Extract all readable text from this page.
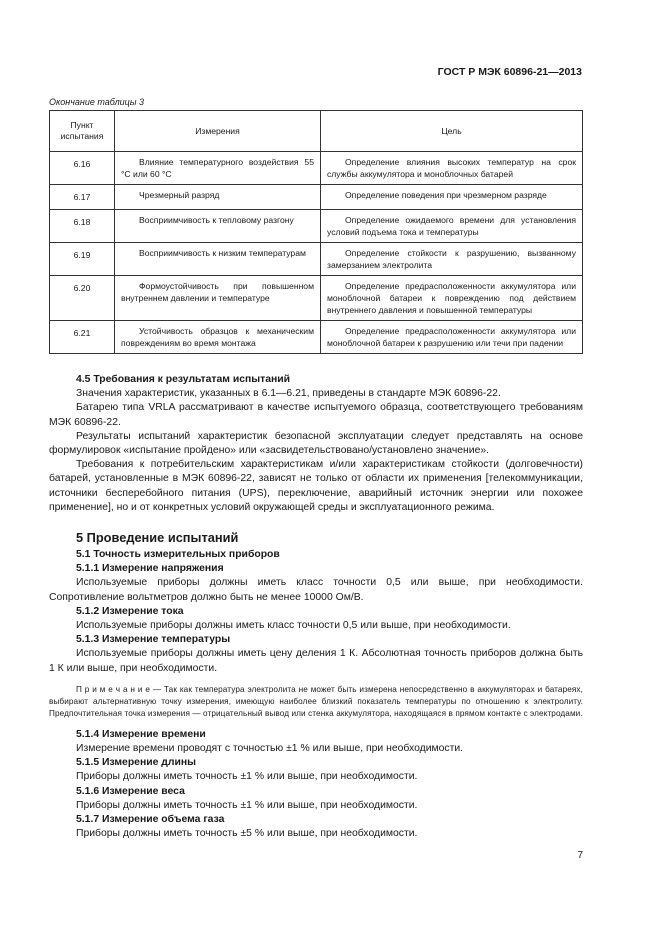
ГОСТ Р МЭК 60896-21—2013
Окончание таблицы 3
Пункт испытания	Измерения	Цель
6.16	Влияние температурного воздействия 55 °С или 60 °С	Определение влияния высоких температур на срок службы аккумулятора и моноблочных батарей

6.17	Чрезмерный разряд	Определение поведения при чрезмерном разряде

6.18	Восприимчивость к тепловому разгону	Определение ожидаемого времени для установления условий подъема тока и температуры

6.19	Восприимчивость к низким температурам	Определение стойкости к разрушению, вызванному замерзанием электролита

6.20	Формоустойчивость при повышенном внутреннем давлении и температуре	Определение предрасположенности аккумулятора или моноблочной батареи к повреждению под действием внутреннего давления и повышенной температуры

6.21	Устойчивость образцов к механическим повреждениям во время монтажа	Определение предрасположенности аккумулятора или моноблочной батареи к разрушению или течи при падении
4.5 Требования к результатам испытаний

Значения характеристик, указанных в 6.1—6.21, приведены в стандарте МЭК 60896-22.

Батарею типа VRLA рассматривают в качестве испытуемого образца, соответствующего требованиям МЭК 60896-22.

Результаты испытаний характеристик безопасной эксплуатации следует представлять на основе формулировок «испытание пройдено» или «засвидетельствовано/установлено значение».

Требования к потребительским характеристикам и/или характеристикам стойкости (долговечности) батарей, установленные в МЭК 60896-22, зависят не только от области их применения [телекоммуникации, источники бесперебойного питания (UPS), переключение, аварийный источник энергии или похожее применение], но и от конкретных условий окружающей среды и эксплуатационного режима.

5 Проведение испытаний
5.1 Точность измерительных приборов
5.1.1 Измерение напряжения

Используемые приборы должны иметь класс точности 0,5 или выше, при необходимости. Сопротивление вольтметров должно быть не менее 10000 Ом/В.

5.1.2 Измерение тока

Используемые приборы должны иметь класс точности 0,5 или выше, при необходимости.

5.1.3 Измерение температуры

Используемые приборы должны иметь цену деления 1 К. Абсолютная точность приборов должна быть 1 К или выше, при необходимости.

П р и м е ч а н и е — Так как температура электролита не может быть измерена непосредственно в аккумуляторах и батареях, выбирают альтернативную точку измерения, имеющую наиболее близкий показатель температуры по отношению к электролиту. Предпочтительная точка измерения — отрицательный вывод или стенка аккумулятора, находящаяся в прямом контакте с электродами.

5.1.4 Измерение времени

Измерение времени проводят с точностью ±1 % или выше, при необходимости.

5.1.5 Измерение длины

Приборы должны иметь точность ±1 % или выше, при необходимости.

5.1.6 Измерение веса

Приборы должны иметь точность ±1 % или выше, при необходимости.

5.1.7 Измерение объема газа

Приборы должны иметь точность ±5 % или выше, при необходимости.

7
